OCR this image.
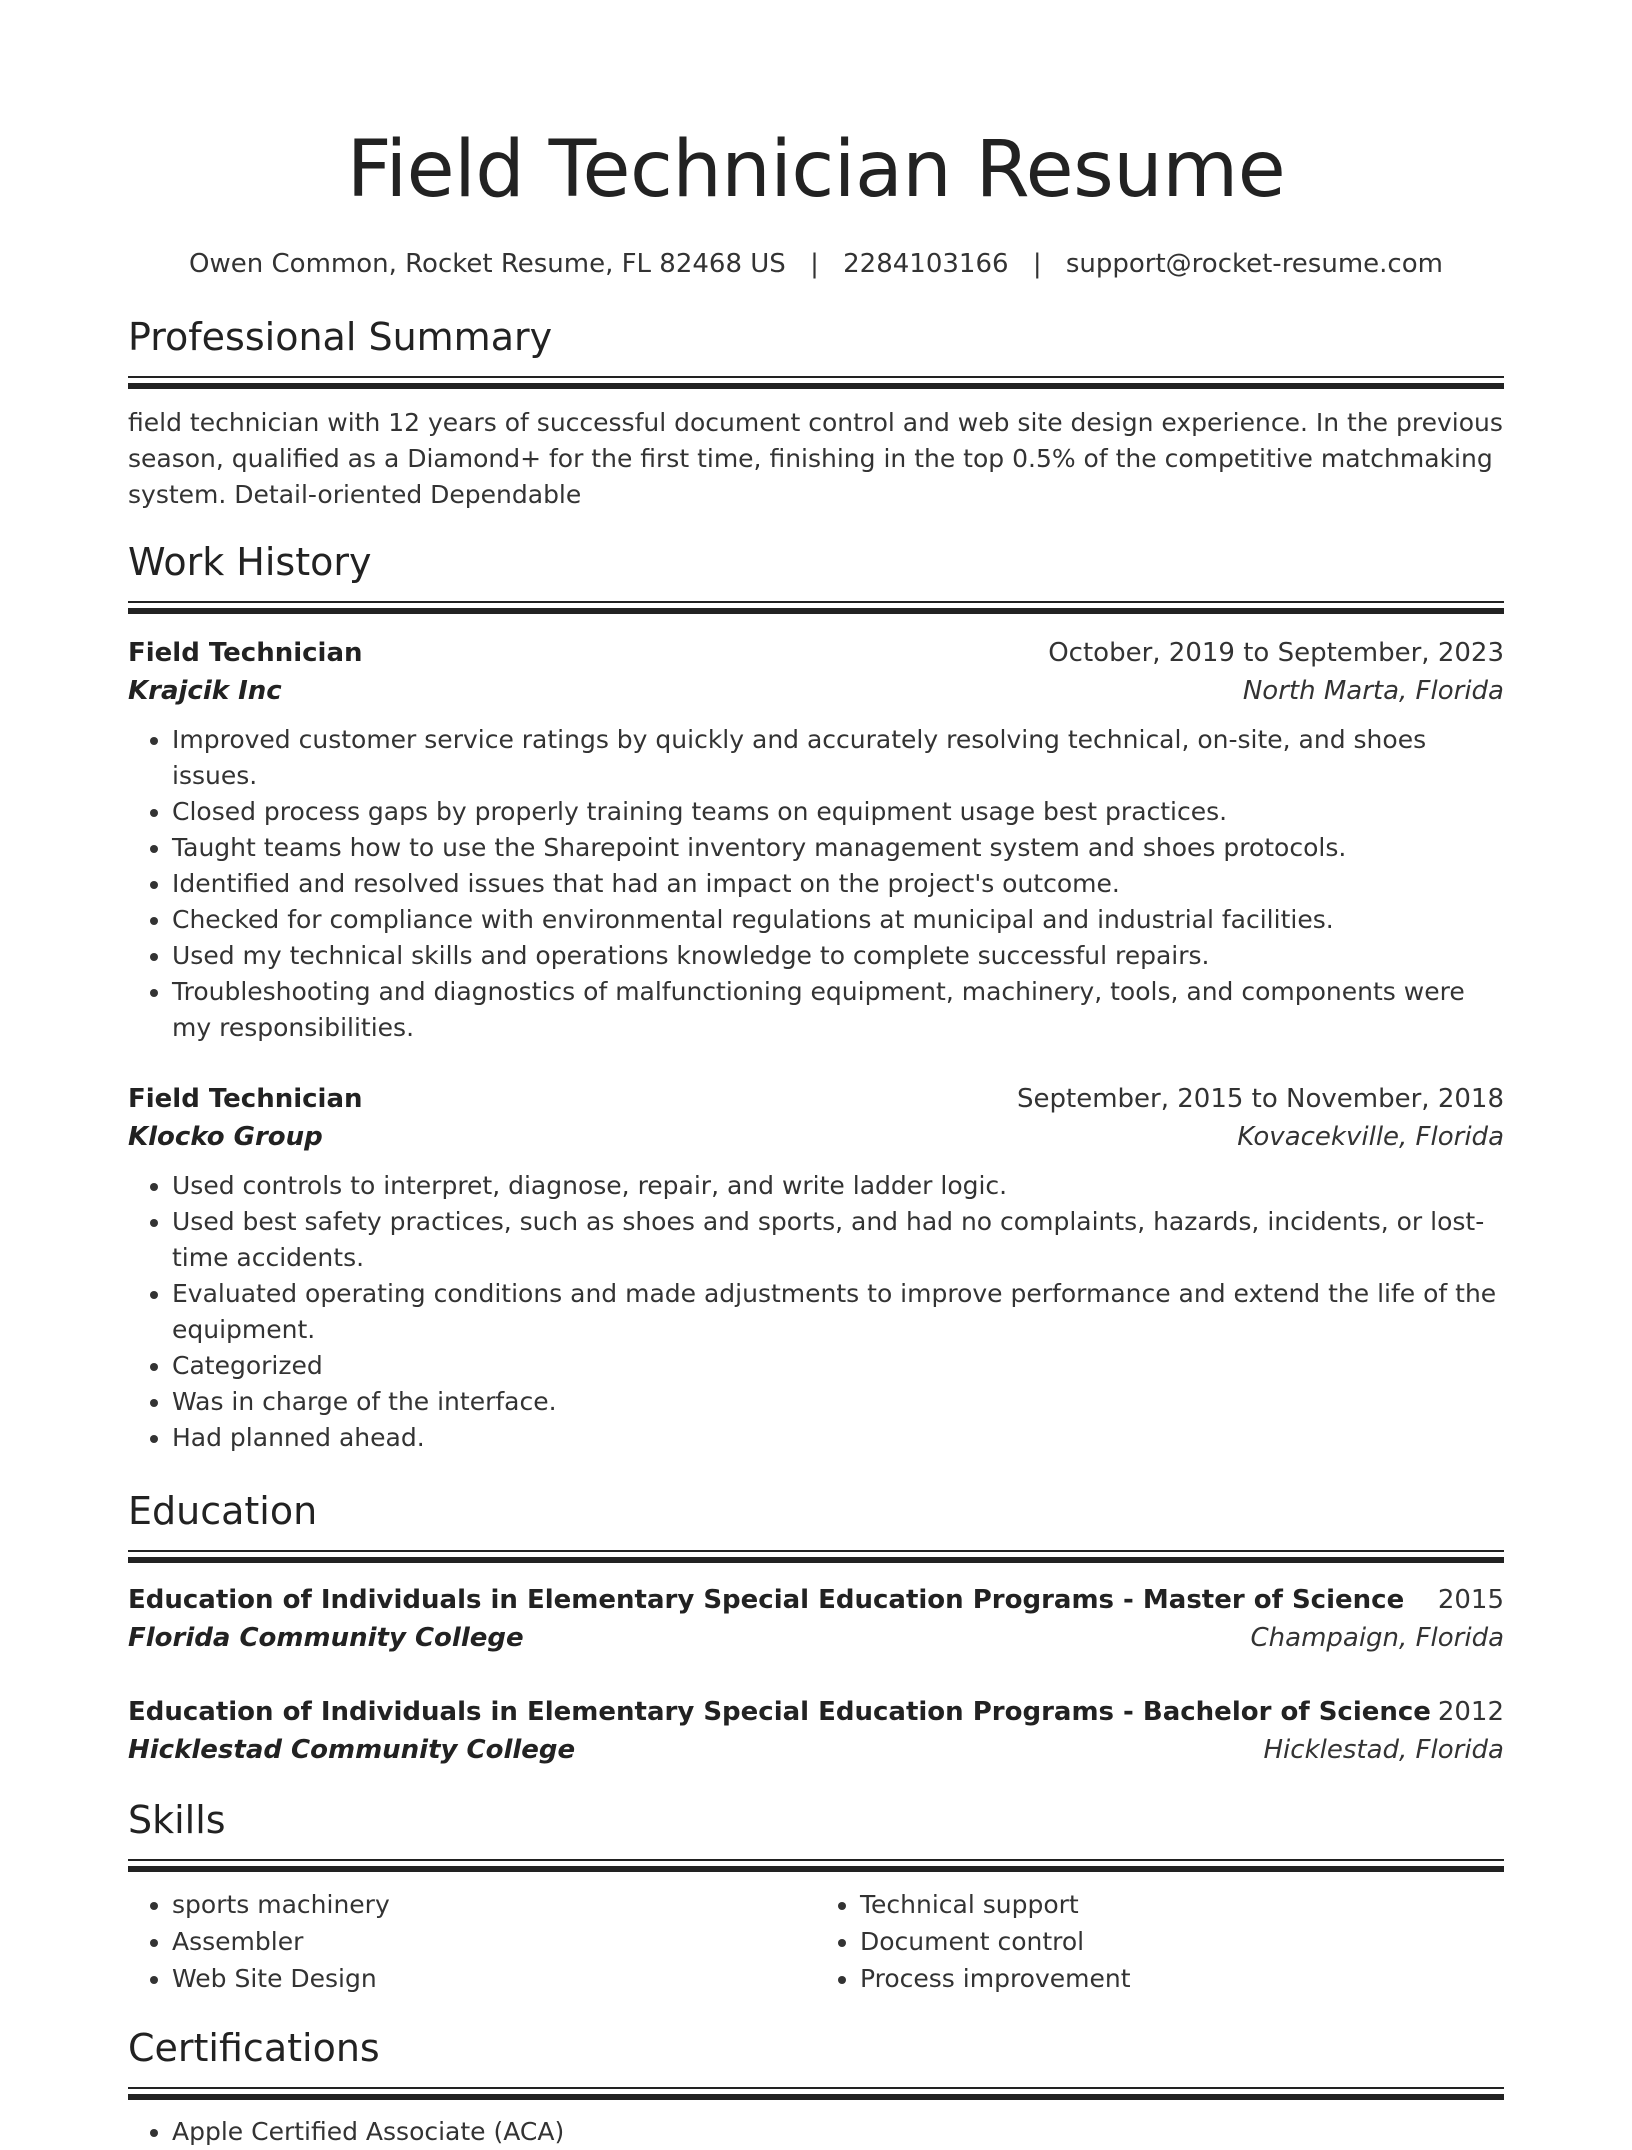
Field Technician Resume
Owen Common, Rocket Resume, FL 82468 US | 2284103166 | support@rocket-resume.com
Professional Summary
field technician with 12 years of successful document control and web site design experience. In the previous season, qualified as a Diamond+ for the first time, finishing in the top 0.5% of the competitive matchmaking system. Detail-oriented Dependable
Work History
Field Technician	October, 2019 to September, 2023
Krajcik Inc	North Marta, Florida
• Improved customer service ratings by quickly and accurately resolving technical, on-site, and shoes issues.
• Closed process gaps by properly training teams on equipment usage best practices.
• Taught teams how to use the Sharepoint inventory management system and shoes protocols.
• Identified and resolved issues that had an impact on the project's outcome.
• Checked for compliance with environmental regulations at municipal and industrial facilities.
• Used my technical skills and operations knowledge to complete successful repairs.
• Troubleshooting and diagnostics of malfunctioning equipment, machinery, tools, and components were my responsibilities.
Field Technician	September, 2015 to November, 2018
Klocko Group	Kovacekville, Florida
• Used controls to interpret, diagnose, repair, and write ladder logic.
• Used best safety practices, such as shoes and sports, and had no complaints, hazards, incidents, or lost-time accidents.
• Evaluated operating conditions and made adjustments to improve performance and extend the life of the equipment.
• Categorized
• Was in charge of the interface.
• Had planned ahead.
Education
Education of Individuals in Elementary Special Education Programs - Master of Science 2015
Florida Community College	Champaign, Florida
Education of Individuals in Elementary Special Education Programs - Bachelor of Science 2012
Hicklestad Community College	Hicklestad, Florida
Skills
• sports machinery
• Assembler
• Web Site Design
• Technical support
• Document control
• Process improvement
Certifications
• Apple Certified Associate (ACA)
